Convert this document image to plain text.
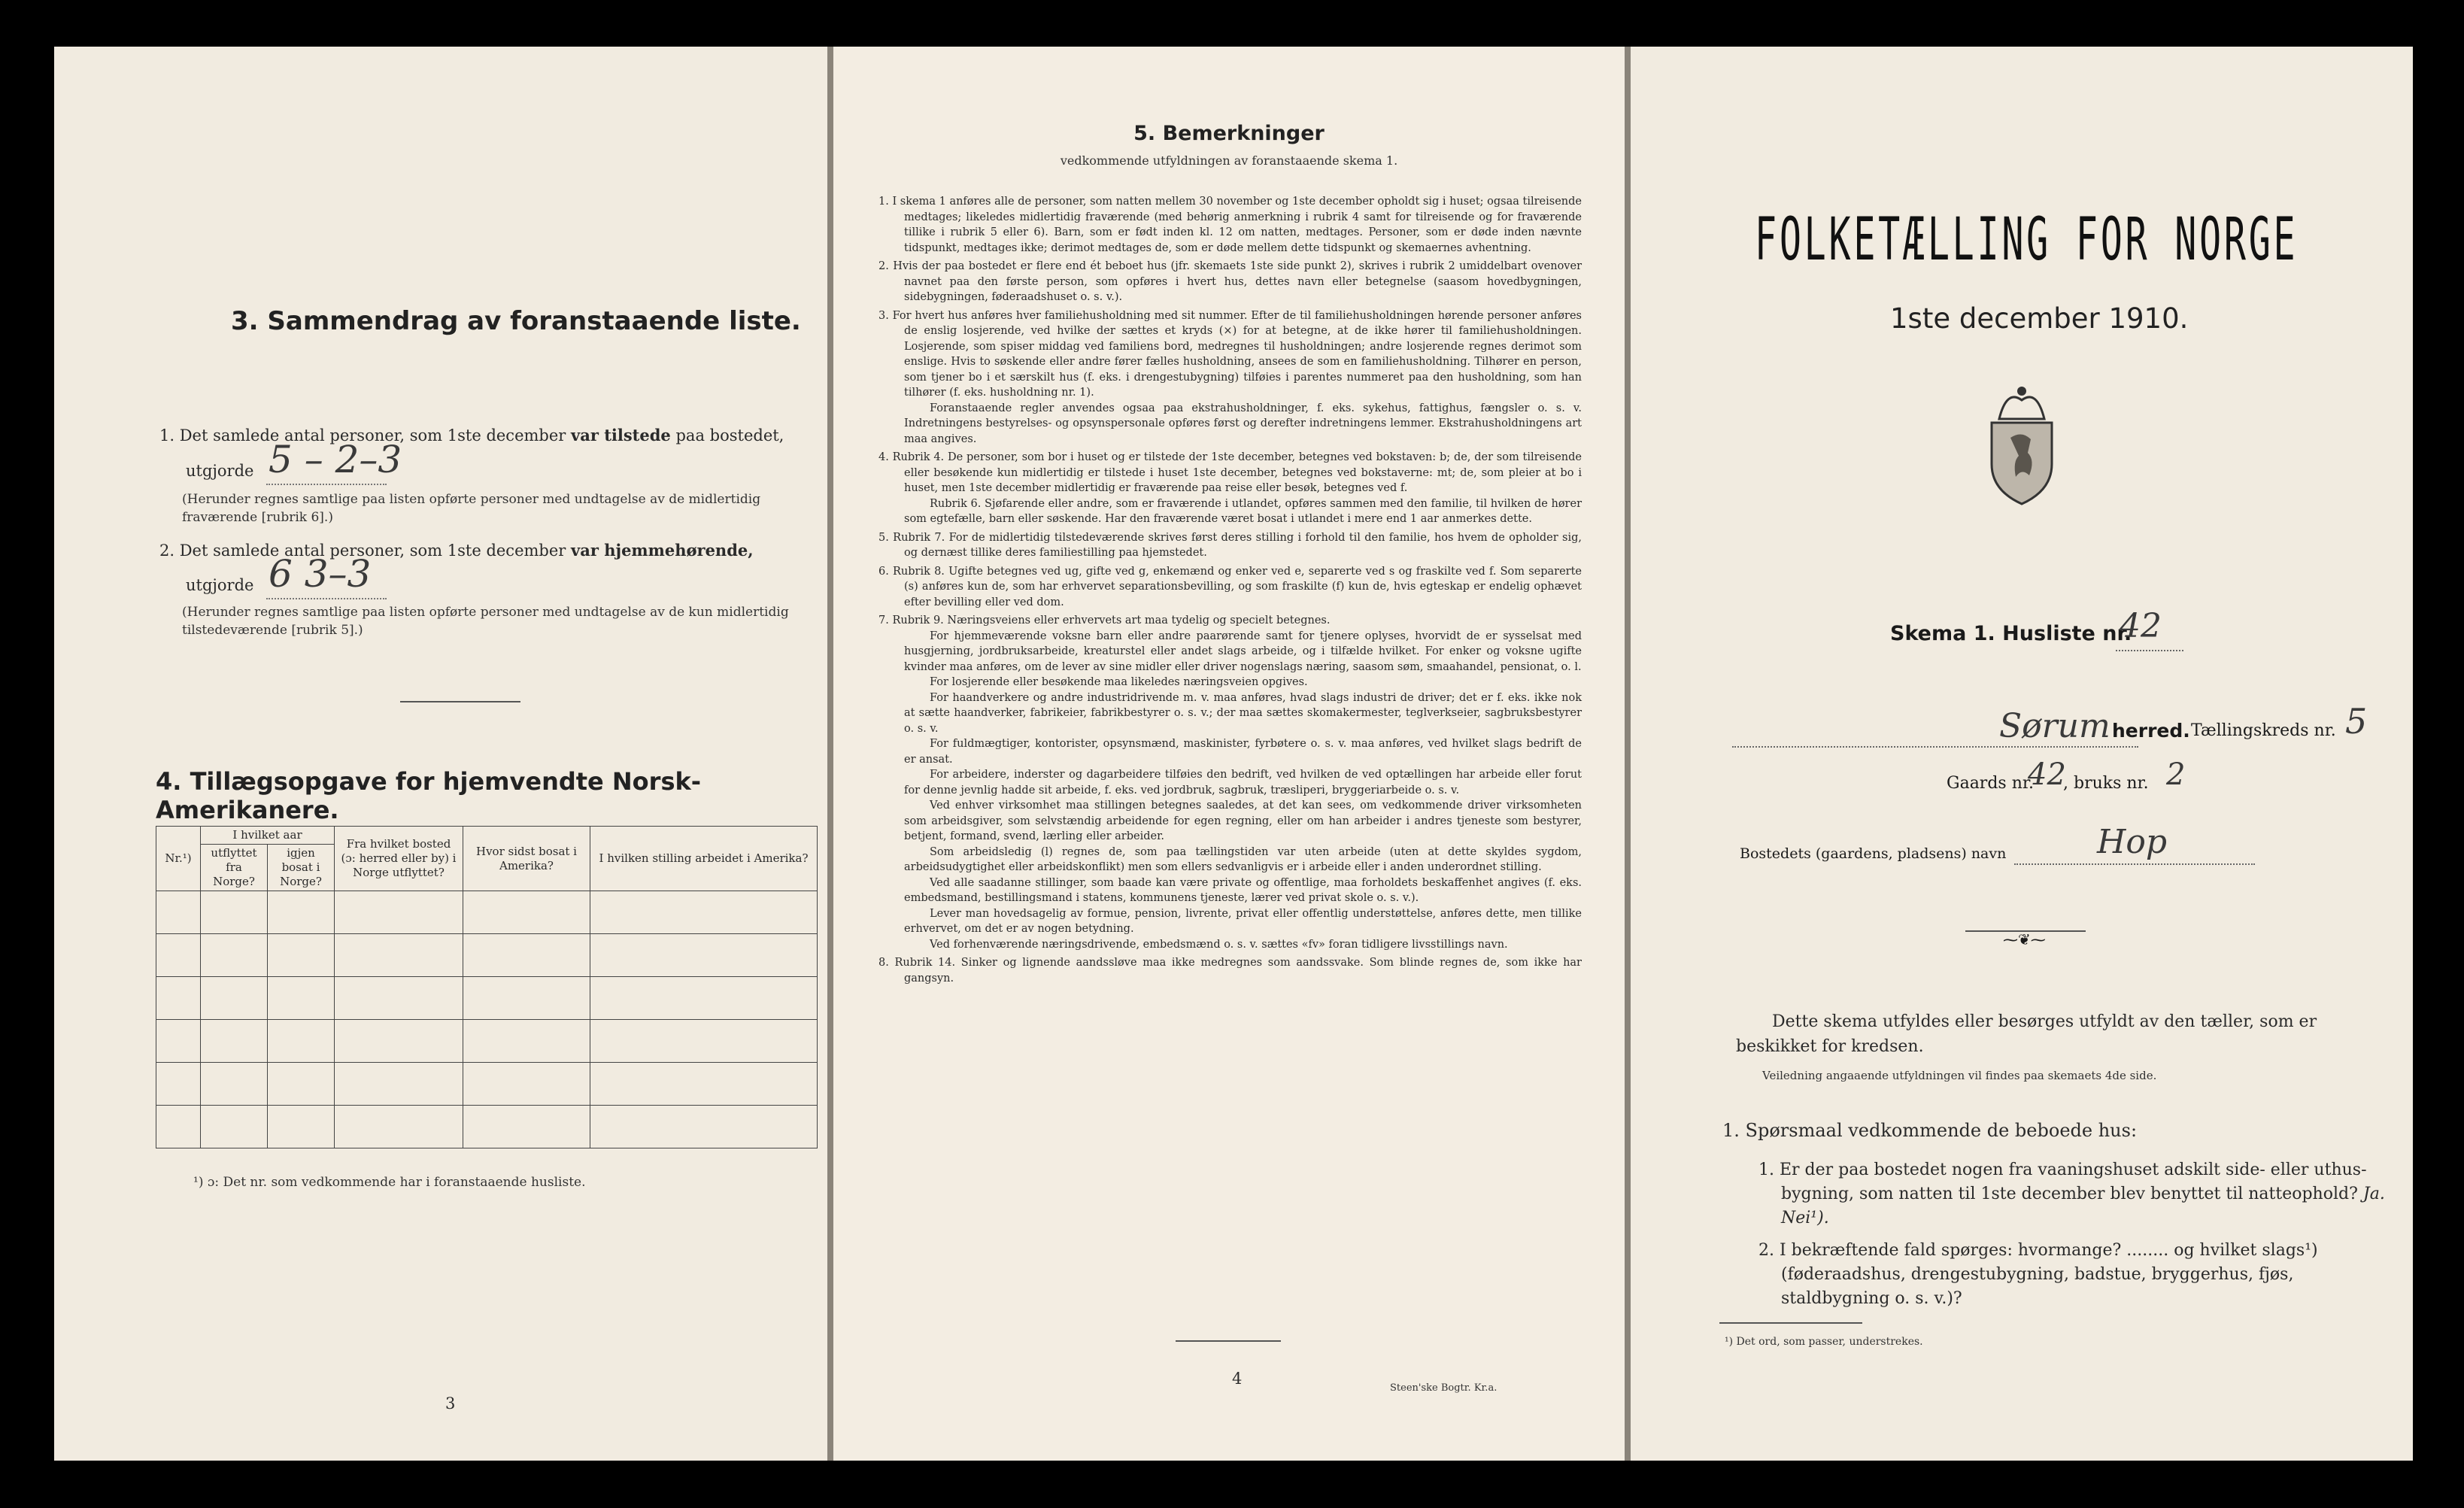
3. Sammendrag av foranstaaende liste.
1. Det samlede antal personer, som 1ste december var tilstede paa bostedet,
utgjorde 5 – 2–3
(Herunder regnes samtlige paa listen opførte personer med undtagelse av de midlertidig fraværende [rubrik 6].)
2. Det samlede antal personer, som 1ste december var hjemmehørende,
utgjorde 6 3–3
(Herunder regnes samtlige paa listen opførte personer med undtagelse av de kun midlertidig tilstedeværende [rubrik 5].)
4. Tillægsopgave for hjemvendte Norsk-Amerikanere.
Nr.¹)	I hvilket aar		Fra hvilket bosted (ɔ: herred eller by) i Norge utflyttet?	Hvor sidst bosat i Amerika?	I hvilken stilling arbeidet i Amerika?
	utflyttet fra Norge?	igjen bosat i Norge?			

¹) ɔ: Det nr. som vedkommende har i foranstaaende husliste.
3
5. Bemerkninger
vedkommende utfyldningen av foranstaaende skema 1.

1. I skema 1 anføres alle de personer, som natten mellem 30 november og 1ste december opholdt sig i huset; ogsaa tilreisende medtages; likeledes midlertidig fraværende (med behørig anmerkning i rubrik 4 samt for tilreisende og for fraværende tillike i rubrik 5 eller 6). Barn, som er født inden kl. 12 om natten, medtages. Personer, som er døde inden nævnte tidspunkt, medtages ikke; derimot medtages de, som er døde mellem dette tidspunkt og skemaernes avhentning.

2. Hvis der paa bostedet er flere end ét beboet hus (jfr. skemaets 1ste side punkt 2), skrives i rubrik 2 umiddelbart ovenover navnet paa den første person, som opføres i hvert hus, dettes navn eller betegnelse (saasom hovedbygningen, sidebygningen, føderaadshuset o. s. v.).

3. For hvert hus anføres hver familiehusholdning med sit nummer. Efter de til familiehusholdningen hørende personer anføres de enslig losjerende, ved hvilke der sættes et kryds (×) for at betegne, at de ikke hører til familiehusholdningen. Losjerende, som spiser middag ved familiens bord, medregnes til husholdningen; andre losjerende regnes derimot som enslige. Hvis to søskende eller andre fører fælles husholdning, ansees de som en familiehusholdning. Tilhører en person, som tjener bo i et særskilt hus (f. eks. i drengestubygning) tilføies i parentes nummeret paa den husholdning, som han tilhører (f. eks. husholdning nr. 1).

Foranstaaende regler anvendes ogsaa paa ekstrahusholdninger, f. eks. sykehus, fattighus, fængsler o. s. v. Indretningens bestyrelses- og opsynspersonale opføres først og derefter indretningens lemmer. Ekstrahusholdningens art maa angives.

4. Rubrik 4. De personer, som bor i huset og er tilstede der 1ste december, betegnes ved bokstaven: b; de, der som tilreisende eller besøkende kun midlertidig er tilstede i huset 1ste december, betegnes ved bokstaverne: mt; de, som pleier at bo i huset, men 1ste december midlertidig er fraværende paa reise eller besøk, betegnes ved f.

Rubrik 6. Sjøfarende eller andre, som er fraværende i utlandet, opføres sammen med den familie, til hvilken de hører som egtefælle, barn eller søskende. Har den fraværende været bosat i utlandet i mere end 1 aar anmerkes dette.

5. Rubrik 7. For de midlertidig tilstedeværende skrives først deres stilling i forhold til den familie, hos hvem de opholder sig, og dernæst tillike deres familiestilling paa hjemstedet.

6. Rubrik 8. Ugifte betegnes ved ug, gifte ved g, enkemænd og enker ved e, separerte ved s og fraskilte ved f. Som separerte (s) anføres kun de, som har erhvervet separationsbevilling, og som fraskilte (f) kun de, hvis egteskap er endelig ophævet efter bevilling eller ved dom.

7. Rubrik 9. Næringsveiens eller erhvervets art maa tydelig og specielt betegnes.

For hjemmeværende voksne barn eller andre paarørende samt for tjenere oplyses, hvorvidt de er sysselsat med husgjerning, jordbruksarbeide, kreaturstel eller andet slags arbeide, og i tilfælde hvilket. For enker og voksne ugifte kvinder maa anføres, om de lever av sine midler eller driver nogenslags næring, saasom søm, smaahandel, pensionat, o. l.

For losjerende eller besøkende maa likeledes næringsveien opgives.

For haandverkere og andre industridrivende m. v. maa anføres, hvad slags industri de driver; det er f. eks. ikke nok at sætte haandverker, fabrikeier, fabrikbestyrer o. s. v.; der maa sættes skomakermester, teglverkseier, sagbruksbestyrer o. s. v.

For fuldmægtiger, kontorister, opsynsmænd, maskinister, fyrbøtere o. s. v. maa anføres, ved hvilket slags bedrift de er ansat.

For arbeidere, inderster og dagarbeidere tilføies den bedrift, ved hvilken de ved optællingen har arbeide eller forut for denne jevnlig hadde sit arbeide, f. eks. ved jordbruk, sagbruk, træsliperi, bryggeriarbeide o. s. v.

Ved enhver virksomhet maa stillingen betegnes saaledes, at det kan sees, om vedkommende driver virksomheten som arbeidsgiver, som selvstændig arbeidende for egen regning, eller om han arbeider i andres tjeneste som bestyrer, betjent, formand, svend, lærling eller arbeider.

Som arbeidsledig (l) regnes de, som paa tællingstiden var uten arbeide (uten at dette skyldes sygdom, arbeidsudygtighet eller arbeidskonflikt) men som ellers sedvanligvis er i arbeide eller i anden underordnet stilling.

Ved alle saadanne stillinger, som baade kan være private og offentlige, maa forholdets beskaffenhet angives (f. eks. embedsmand, bestillingsmand i statens, kommunens tjeneste, lærer ved privat skole o. s. v.).

Lever man hovedsagelig av formue, pension, livrente, privat eller offentlig understøttelse, anføres dette, men tillike erhvervet, om det er av nogen betydning.

Ved forhenværende næringsdrivende, embedsmænd o. s. v. sættes «fv» foran tidligere livsstillings navn.

8. Rubrik 14. Sinker og lignende aandssløve maa ikke medregnes som aandssvake. Som blinde regnes de, som ikke har gangsyn.

4
Steen'ske Bogtr. Kr.a.
FOLKETÆLLING FOR NORGE
1ste december 1910.
Skema 1. Husliste nr.
42
Sørum herred. Tællingskreds nr. 5
Gaards nr.
42
, bruks nr. 2
Bostedets (gaardens, pladsens) navn	Hop
⁓❦⁓
Dette skema utfyldes eller besørges utfyldt av den tæller, som er beskikket for kredsen.
Veiledning angaaende utfyldningen vil findes paa skemaets 4de side.
1. Spørsmaal vedkommende de beboede hus:
1. Er der paa bostedet nogen fra vaaningshuset adskilt side- eller uthus-bygning, som natten til 1ste december blev benyttet til natteophold? Ja. Nei¹).
2. I bekræftende fald spørges: hvormange? ........ og hvilket slags¹) (føderaadshus, drengestubygning, badstue, bryggerhus, fjøs, staldbygning o. s. v.)?
¹) Det ord, som passer, understrekes.
